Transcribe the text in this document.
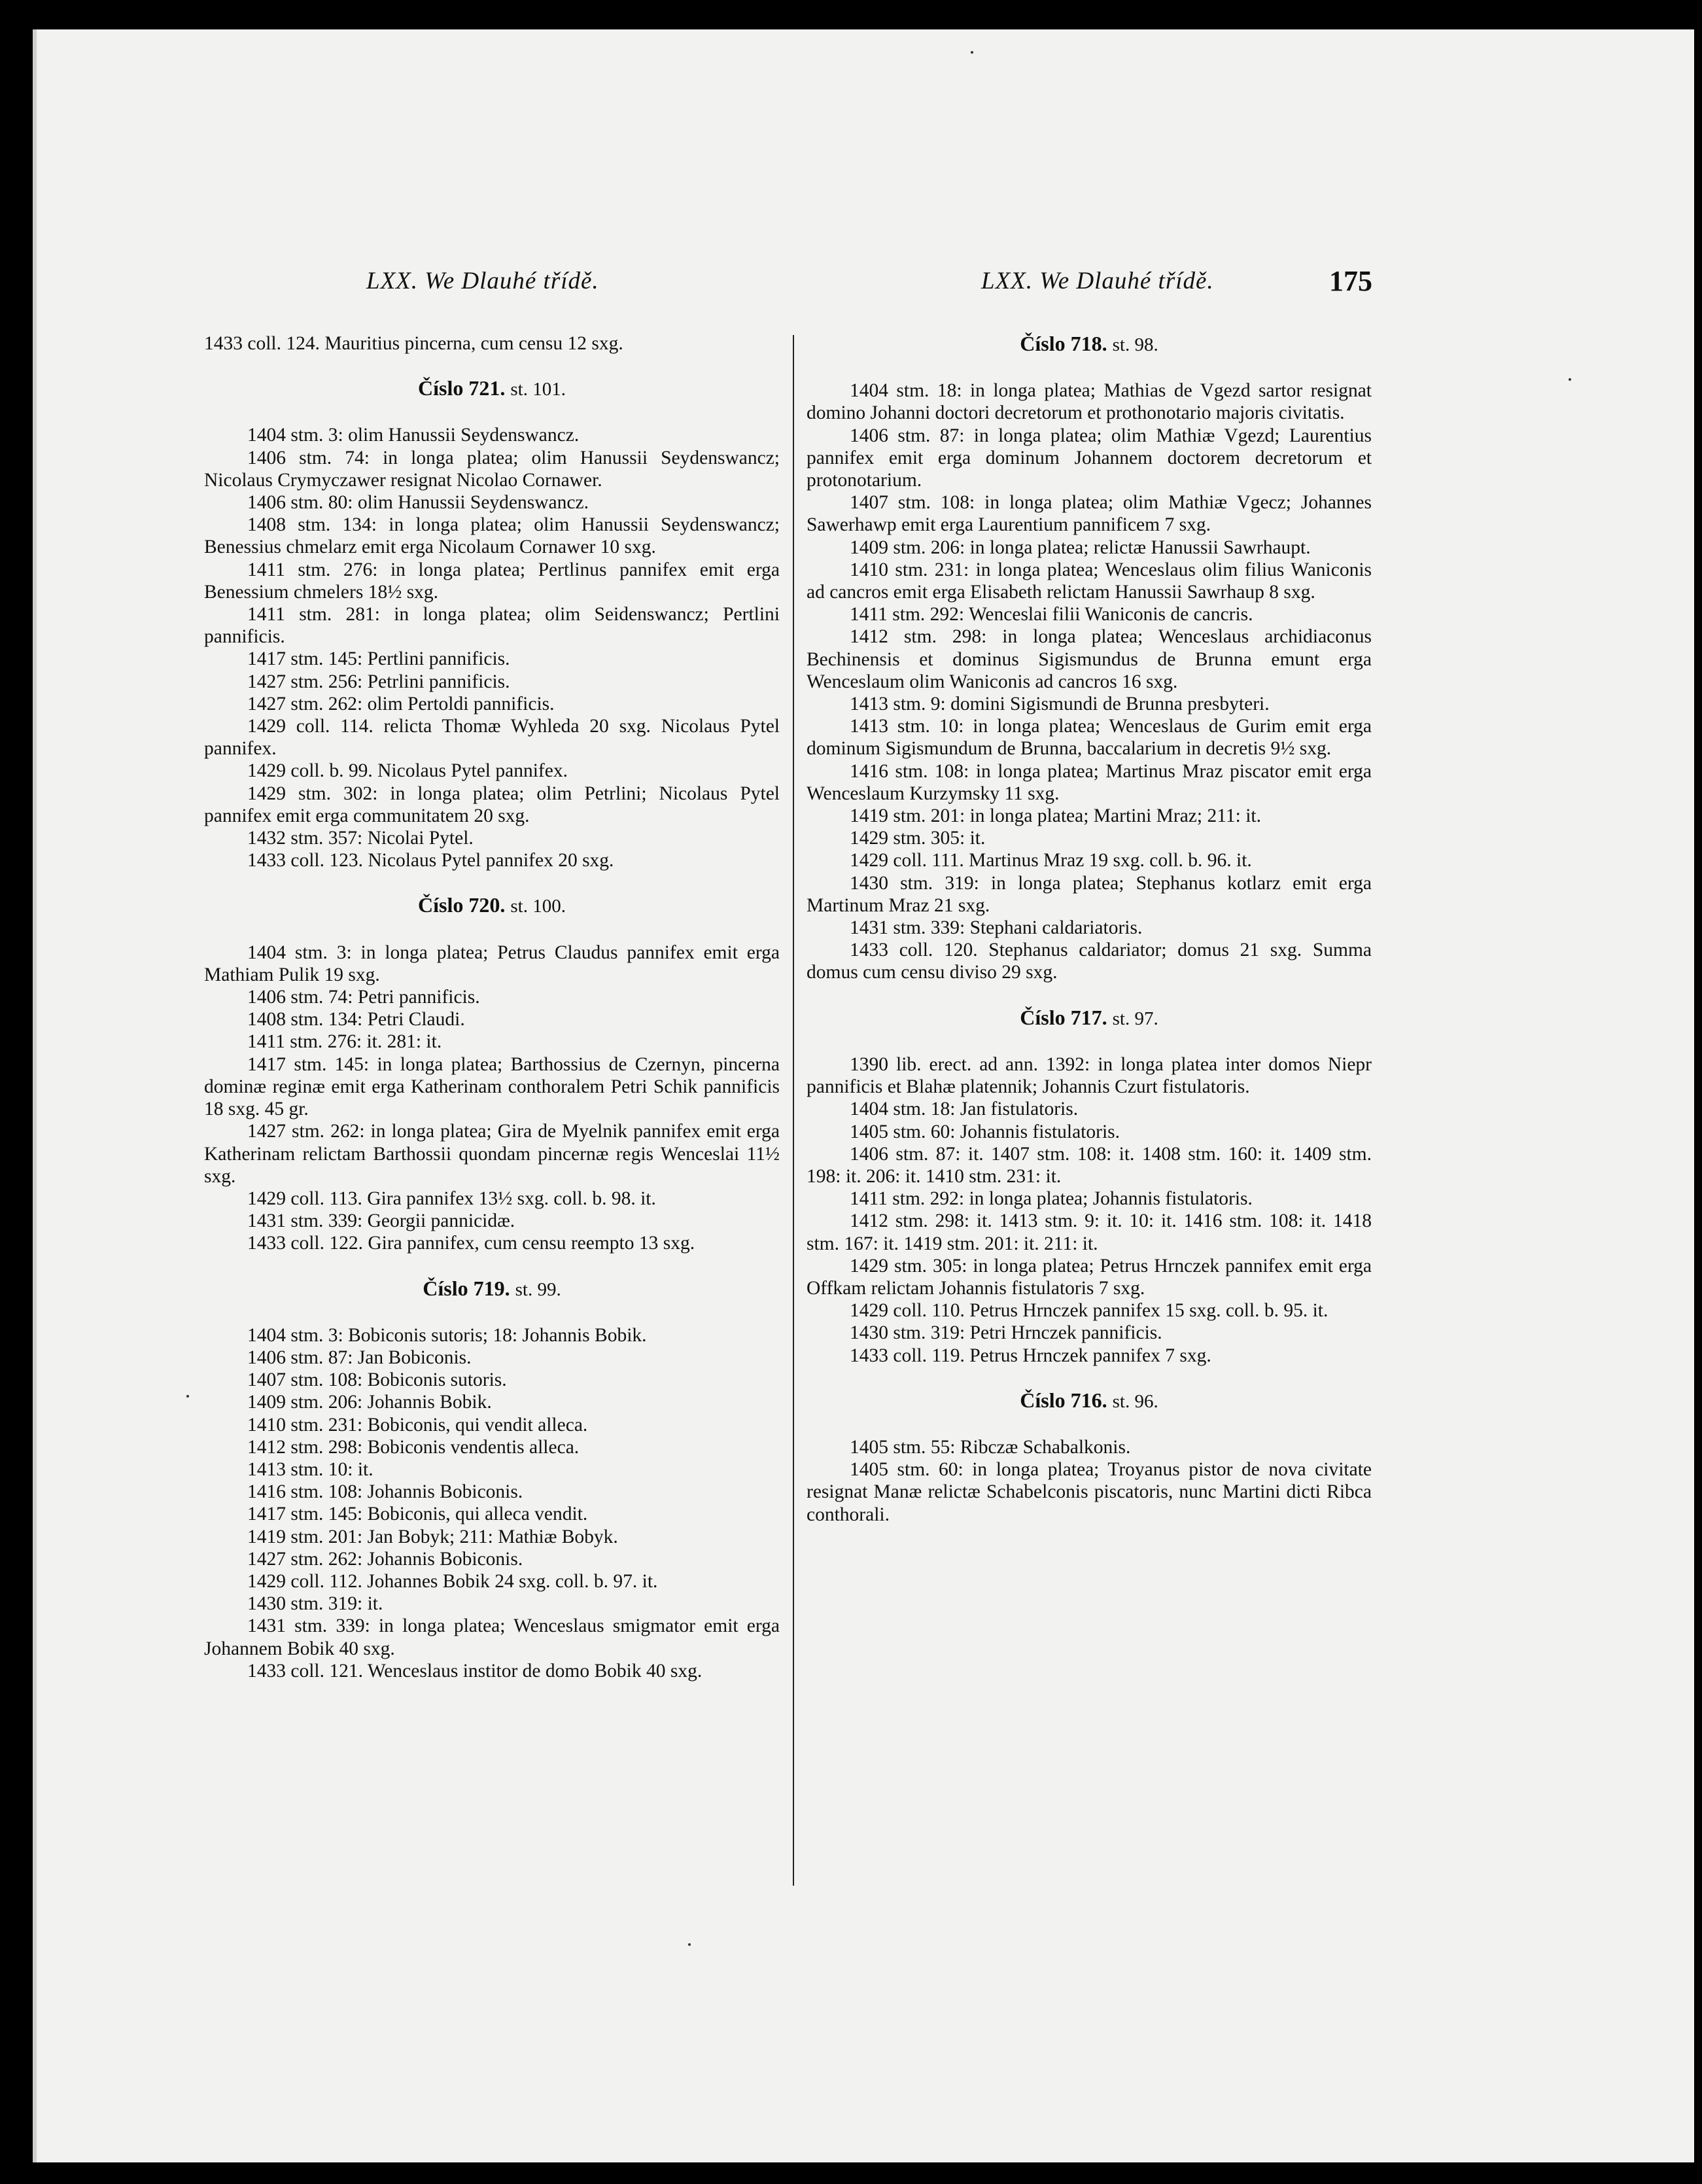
LXX. We Dlauhé třídě.	LXX. We Dlauhé třídě.	175

1433 coll. 124. Mauritius pincerna, cum censu 12 sxg.

Číslo 721. st. 101.

1404 stm. 3: olim Hanussii Seydenswancz.

1406 stm. 74: in longa platea; olim Hanussii Seydenswancz; Nicolaus Crymyczawer resignat Nicolao Cornawer.

1406 stm. 80: olim Hanussii Seydenswancz.

1408 stm. 134: in longa platea; olim Hanussii Seydenswancz; Benessius chmelarz emit erga Nicolaum Cornawer 10 sxg.

1411 stm. 276: in longa platea; Pertlinus pannifex emit erga Benessium chmelers 18½ sxg.

1411 stm. 281: in longa platea; olim Seidenswancz; Pertlini pannificis.

1417 stm. 145: Pertlini pannificis.

1427 stm. 256: Petrlini pannificis.

1427 stm. 262: olim Pertoldi pannificis.

1429 coll. 114. relicta Thomæ Wyhleda 20 sxg. Nicolaus Pytel pannifex.

1429 coll. b. 99. Nicolaus Pytel pannifex.

1429 stm. 302: in longa platea; olim Petrlini; Nicolaus Pytel pannifex emit erga communitatem 20 sxg.

1432 stm. 357: Nicolai Pytel.

1433 coll. 123. Nicolaus Pytel pannifex 20 sxg.

Číslo 720. st. 100.

1404 stm. 3: in longa platea; Petrus Claudus pannifex emit erga Mathiam Pulik 19 sxg.

1406 stm. 74: Petri pannificis.

1408 stm. 134: Petri Claudi.

1411 stm. 276: it. 281: it.

1417 stm. 145: in longa platea; Barthossius de Czernyn, pincerna dominæ reginæ emit erga Katherinam conthoralem Petri Schik pannificis 18 sxg. 45 gr.

1427 stm. 262: in longa platea; Gira de Myelnik pannifex emit erga Katherinam relictam Barthossii quondam pincernæ regis Wenceslai 11½ sxg.

1429 coll. 113. Gira pannifex 13½ sxg. coll. b. 98. it.

1431 stm. 339: Georgii pannicidæ.

1433 coll. 122. Gira pannifex, cum censu reempto 13 sxg.

Číslo 719. st. 99.

1404 stm. 3: Bobiconis sutoris; 18: Johannis Bobik.

1406 stm. 87: Jan Bobiconis.

1407 stm. 108: Bobiconis sutoris.

1409 stm. 206: Johannis Bobik.

1410 stm. 231: Bobiconis, qui vendit alleca.

1412 stm. 298: Bobiconis vendentis alleca.

1413 stm. 10: it.

1416 stm. 108: Johannis Bobiconis.

1417 stm. 145: Bobiconis, qui alleca vendit.

1419 stm. 201: Jan Bobyk; 211: Mathiæ Bobyk.

1427 stm. 262: Johannis Bobiconis.

1429 coll. 112. Johannes Bobik 24 sxg. coll. b. 97. it.

1430 stm. 319: it.

1431 stm. 339: in longa platea; Wenceslaus smigmator emit erga Johannem Bobik 40 sxg.

1433 coll. 121. Wenceslaus institor de domo Bobik 40 sxg.

Číslo 718. st. 98.

1404 stm. 18: in longa platea; Mathias de Vgezd sartor resignat domino Johanni doctori decretorum et prothonotario majoris civitatis.

1406 stm. 87: in longa platea; olim Mathiæ Vgezd; Laurentius pannifex emit erga dominum Johannem doctorem decretorum et protonotarium.

1407 stm. 108: in longa platea; olim Mathiæ Vgecz; Johannes Sawerhawp emit erga Laurentium pannificem 7 sxg.

1409 stm. 206: in longa platea; relictæ Hanussii Sawrhaupt.

1410 stm. 231: in longa platea; Wenceslaus olim filius Waniconis ad cancros emit erga Elisabeth relictam Hanussii Sawrhaup 8 sxg.

1411 stm. 292: Wenceslai filii Waniconis de cancris.

1412 stm. 298: in longa platea; Wenceslaus archidiaconus Bechinensis et dominus Sigismundus de Brunna emunt erga Wenceslaum olim Waniconis ad cancros 16 sxg.

1413 stm. 9: domini Sigismundi de Brunna presbyteri.

1413 stm. 10: in longa platea; Wenceslaus de Gurim emit erga dominum Sigismundum de Brunna, baccalarium in decretis 9½ sxg.

1416 stm. 108: in longa platea; Martinus Mraz piscator emit erga Wenceslaum Kurzymsky 11 sxg.

1419 stm. 201: in longa platea; Martini Mraz; 211: it.

1429 stm. 305: it.

1429 coll. 111. Martinus Mraz 19 sxg. coll. b. 96. it.

1430 stm. 319: in longa platea; Stephanus kotlarz emit erga Martinum Mraz 21 sxg.

1431 stm. 339: Stephani caldariatoris.

1433 coll. 120. Stephanus caldariator; domus 21 sxg. Summa domus cum censu diviso 29 sxg.

Číslo 717. st. 97.

1390 lib. erect. ad ann. 1392: in longa platea inter domos Niepr pannificis et Blahæ platennik; Johannis Czurt fistulatoris.

1404 stm. 18: Jan fistulatoris.

1405 stm. 60: Johannis fistulatoris.

1406 stm. 87: it. 1407 stm. 108: it. 1408 stm. 160: it. 1409 stm. 198: it. 206: it. 1410 stm. 231: it.

1411 stm. 292: in longa platea; Johannis fistulatoris.

1412 stm. 298: it. 1413 stm. 9: it. 10: it. 1416 stm. 108: it. 1418 stm. 167: it. 1419 stm. 201: it. 211: it.

1429 stm. 305: in longa platea; Petrus Hrnczek pannifex emit erga Offkam relictam Johannis fistulatoris 7 sxg.

1429 coll. 110. Petrus Hrnczek pannifex 15 sxg. coll. b. 95. it.

1430 stm. 319: Petri Hrnczek pannificis.

1433 coll. 119. Petrus Hrnczek pannifex 7 sxg.

Číslo 716. st. 96.

1405 stm. 55: Ribczæ Schabalkonis.

1405 stm. 60: in longa platea; Troyanus pistor de nova civitate resignat Manæ relictæ Schabelconis piscatoris, nunc Martini dicti Ribca conthorali.
